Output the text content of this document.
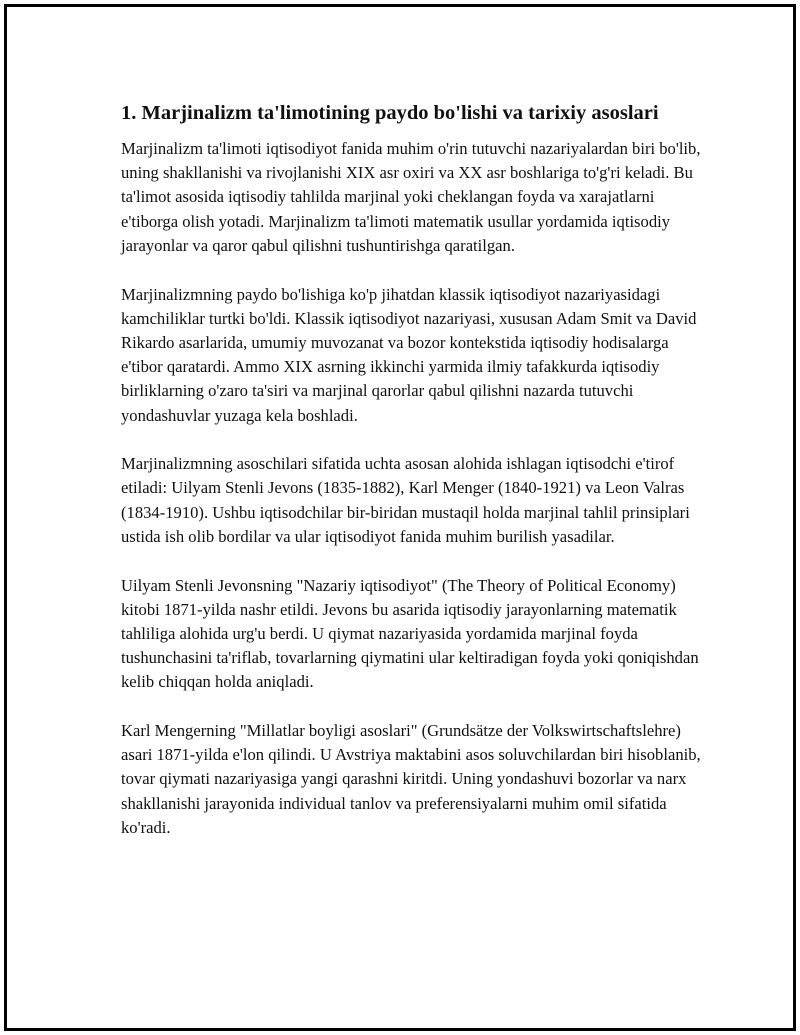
1. Marjinalizm ta'limotining paydo bo'lishi va tarixiy asoslari

Marjinalizm ta'limoti iqtisodiyot fanida muhim o'rin tutuvchi nazariyalardan biri bo'lib, uning shakllanishi va rivojlanishi XIX asr oxiri va XX asr boshlariga to'g'ri keladi. Bu ta'limot asosida iqtisodiy tahlilda marjinal yoki cheklangan foyda va xarajatlarni e'tiborga olish yotadi. Marjinalizm ta'limoti matematik usullar yordamida iqtisodiy jarayonlar va qaror qabul qilishni tushuntirishga qaratilgan.

Marjinalizmning paydo bo'lishiga ko'p jihatdan klassik iqtisodiyot nazariyasidagi kamchiliklar turtki bo'ldi. Klassik iqtisodiyot nazariyasi, xususan Adam Smit va David Rikardo asarlarida, umumiy muvozanat va bozor kontekstida iqtisodiy hodisalarga e'tibor qaratardi. Ammo XIX asrning ikkinchi yarmida ilmiy tafakkurda iqtisodiy birliklarning o'zaro ta'siri va marjinal qarorlar qabul qilishni nazarda tutuvchi yondashuvlar yuzaga kela boshladi.

Marjinalizmning asoschilari sifatida uchta asosan alohida ishlagan iqtisodchi e'tirof etiladi: Uilyam Stenli Jevons (1835-1882), Karl Menger (1840-1921) va Leon Valras (1834-1910). Ushbu iqtisodchilar bir-biridan mustaqil holda marjinal tahlil prinsiplari ustida ish olib bordilar va ular iqtisodiyot fanida muhim burilish yasadilar.

Uilyam Stenli Jevonsning "Nazariy iqtisodiyot" (The Theory of Political Economy) kitobi 1871-yilda nashr etildi. Jevons bu asarida iqtisodiy jarayonlarning matematik tahliliga alohida urg'u berdi. U qiymat nazariyasida yordamida marjinal foyda tushunchasini ta'riflab, tovarlarning qiymatini ular keltiradigan foyda yoki qoniqishdan kelib chiqqan holda aniqladi.

Karl Mengerning "Millatlar boyligi asoslari" (Grundsätze der Volkswirtschaftslehre) asari 1871-yilda e'lon qilindi. U Avstriya maktabini asos soluvchilardan biri hisoblanib, tovar qiymati nazariyasiga yangi qarashni kiritdi. Uning yondashuvi bozorlar va narx shakllanishi jarayonida individual tanlov va preferensiyalarni muhim omil sifatida ko'radi.
